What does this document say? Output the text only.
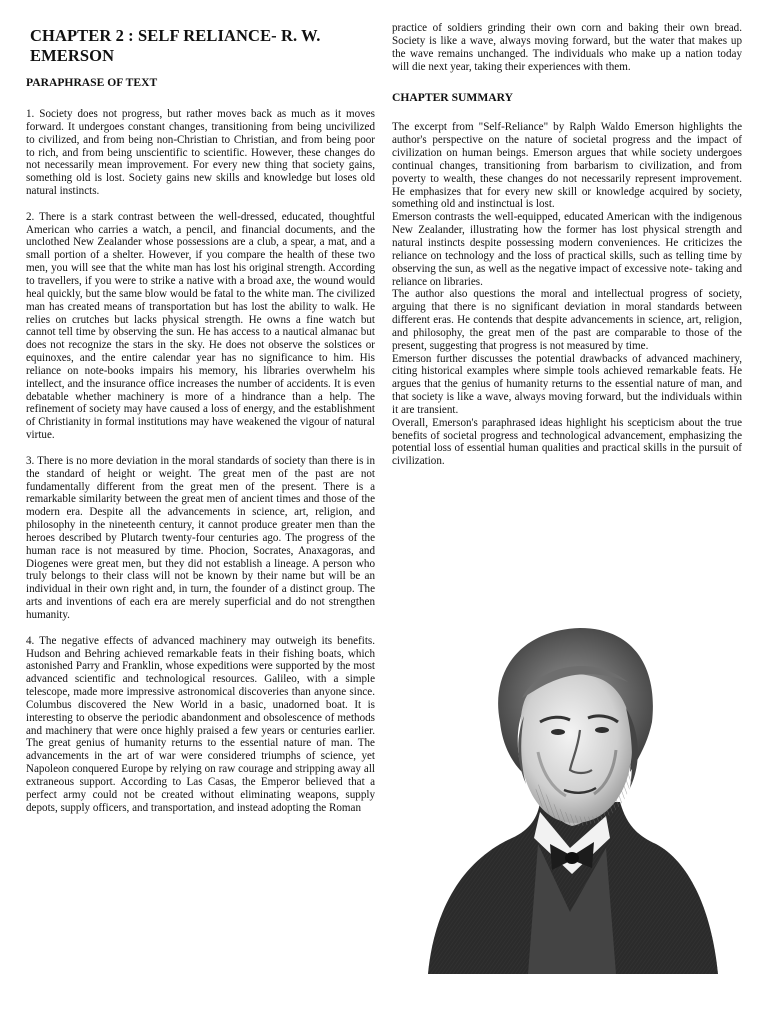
CHAPTER 2 : SELF RELIANCE- R. W. EMERSON
PARAPHRASE OF TEXT

1. Society does not progress, but rather moves back as much as it moves forward. It undergoes constant changes, transitioning from being uncivilized to civilized, and from being non-Christian to Christian, and from being poor to rich, and from being unscientific to scientific. However, these changes do not necessarily mean improvement. For every new thing that society gains, something old is lost. Society gains new skills and knowledge but loses old natural instincts.

2. There is a stark contrast between the well-dressed, educated, thoughtful American who carries a watch, a pencil, and financial documents, and the unclothed New Zealander whose possessions are a club, a spear, a mat, and a small portion of a shelter. However, if you compare the health of these two men, you will see that the white man has lost his original strength. According to travellers, if you were to strike a native with a broad axe, the wound would heal quickly, but the same blow would be fatal to the white man. The civilized man has created means of transportation but has lost the ability to walk. He relies on crutches but lacks physical strength. He owns a fine watch but cannot tell time by observing the sun. He has access to a nautical almanac but does not recognize the stars in the sky. He does not observe the solstices or equinoxes, and the entire calendar year has no significance to him. His reliance on note-books impairs his memory, his libraries overwhelm his intellect, and the insurance office increases the number of accidents. It is even debatable whether machinery is more of a hindrance than a help. The refinement of society may have caused a loss of energy, and the establishment of Christianity in formal institutions may have weakened the vigour of natural virtue.

3. There is no more deviation in the moral standards of society than there is in the standard of height or weight. The great men of the past are not fundamentally different from the great men of the present. There is a remarkable similarity between the great men of ancient times and those of the modern era. Despite all the advancements in science, art, religion, and philosophy in the nineteenth century, it cannot produce greater men than the heroes described by Plutarch twenty-four centuries ago. The progress of the human race is not measured by time. Phocion, Socrates, Anaxagoras, and Diogenes were great men, but they did not establish a lineage. A person who truly belongs to their class will not be known by their name but will be an individual in their own right and, in turn, the founder of a distinct group. The arts and inventions of each era are merely superficial and do not strengthen humanity.

4. The negative effects of advanced machinery may outweigh its benefits. Hudson and Behring achieved remarkable feats in their fishing boats, which astonished Parry and Franklin, whose expeditions were supported by the most advanced scientific and technological resources. Galileo, with a simple telescope, made more impressive astronomical discoveries than anyone since. Columbus discovered the New World in a basic, unadorned boat. It is interesting to observe the periodic abandonment and obsolescence of methods and machinery that were once highly praised a few years or centuries earlier. The great genius of humanity returns to the essential nature of man. The advancements in the art of war were considered triumphs of science, yet Napoleon conquered Europe by relying on raw courage and stripping away all extraneous support. According to Las Casas, the Emperor believed that a perfect army could not be created without eliminating weapons, supply depots, supply officers, and transportation, and instead adopting the Roman

practice of soldiers grinding their own corn and baking their own bread. Society is like a wave, always moving forward, but the water that makes up the wave remains unchanged. The individuals who make up a nation today will die next year, taking their experiences with them.

CHAPTER SUMMARY

The excerpt from "Self-Reliance" by Ralph Waldo Emerson highlights the author's perspective on the nature of societal progress and the impact of civilization on human beings. Emerson argues that while society undergoes continual changes, transitioning from barbarism to civilization, and from poverty to wealth, these changes do not necessarily represent improvement. He emphasizes that for every new skill or knowledge acquired by society, something old and instinctual is lost.

Emerson contrasts the well-equipped, educated American with the indigenous New Zealander, illustrating how the former has lost physical strength and natural instincts despite possessing modern conveniences. He criticizes the reliance on technology and the loss of practical skills, such as telling time by observing the sun, as well as the negative impact of excessive note- taking and reliance on libraries.

The author also questions the moral and intellectual progress of society, arguing that there is no significant deviation in moral standards between different eras. He contends that despite advancements in science, art, religion, and philosophy, the great men of the past are comparable to those of the present, suggesting that progress is not measured by time.

Emerson further discusses the potential drawbacks of advanced machinery, citing historical examples where simple tools achieved remarkable feats. He argues that the genius of humanity returns to the essential nature of man, and that society is like a wave, always moving forward, but the individuals within it are transient.

Overall, Emerson's paraphrased ideas highlight his scepticism about the true benefits of societal progress and technological advancement, emphasizing the potential loss of essential human qualities and practical skills in the pursuit of civilization.
